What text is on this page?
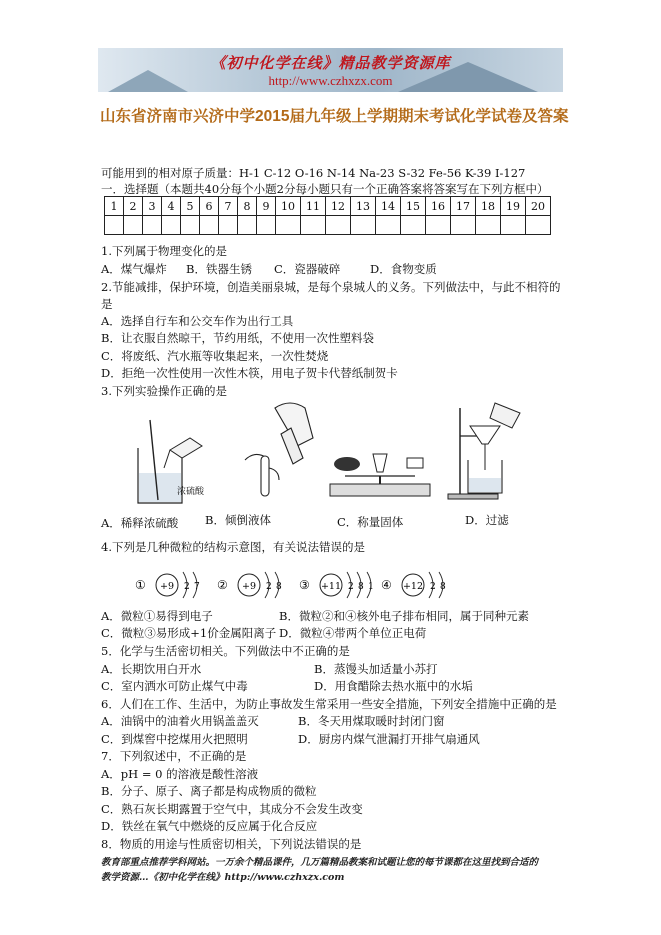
《初中化学在线》精品教学资源库
http://www.czhxzx.com
山东省济南市兴济中学2015届九年级上学期期末考试化学试卷及答案
可能用到的相对原子质量：H-1 C-12 O-16 N-14 Na-23 S-32 Fe-56 K-39 I-127
一．选择题（本题共40分每个小题2分每小题只有一个正确答案将答案写在下列方框中）
1	2	3	4	5	6	7	8	9	10	11	12	13	14	15	16	17	18	19	20

1.下列属于物理变化的是
A．煤气爆炸 B．铁器生锈 C．瓷器破碎	D．食物变质
2.节能减排，保护环境，创造美丽泉城，是每个泉城人的义务。下列做法中，与此不相符的
是
A．选择自行车和公交车作为出行工具
B．让衣服自然晾干，节约用纸，不使用一次性塑料袋
C．将废纸、汽水瓶等收集起来，一次性焚烧
D．拒绝一次性使用一次性木筷，用电子贺卡代替纸制贺卡
3.下列实验操作正确的是
浓硫酸
A．稀释浓硫酸 B．倾倒液体	C．称量固体	D．过滤
4.下列是几种微粒的结构示意图，有关说法错误的是
① +9 2 7 ② +9 2 8 ③ +11 2 8 1 ④ +12 2 8
A．微粒①易得到电子	B．微粒②和④核外电子排布相同，属于同种元素
C．微粒③易形成+1价金属阳离子 D．微粒④带两个单位正电荷
5．化学与生活密切相关。下列做法中不正确的是
A．长期饮用白开水	B．蒸馒头加适量小苏打
C．室内洒水可防止煤气中毒	D．用食醋除去热水瓶中的水垢
6．人们在工作、生活中，为防止事故发生常采用一些安全措施，下列安全措施中正确的是
A．油锅中的油着火用锅盖盖灭	B．冬天用煤取暖时封闭门窗
C．到煤窖中挖煤用火把照明	D．厨房内煤气泄漏打开排气扇通风
7．下列叙述中，不正确的是
A．pH = 0 的溶液是酸性溶液
B．分子、原子、离子都是构成物质的微粒
C．熟石灰长期露置于空气中，其成分不会发生改变
D．铁丝在氧气中燃烧的反应属于化合反应
8．物质的用途与性质密切相关，下列说法错误的是
教育部重点推荐学科网站。一万余个精品课件，几万篇精品教案和试题让您的每节课都在这里找到合适的
教学资源…《初中化学在线》http://www.czhxzx.com
